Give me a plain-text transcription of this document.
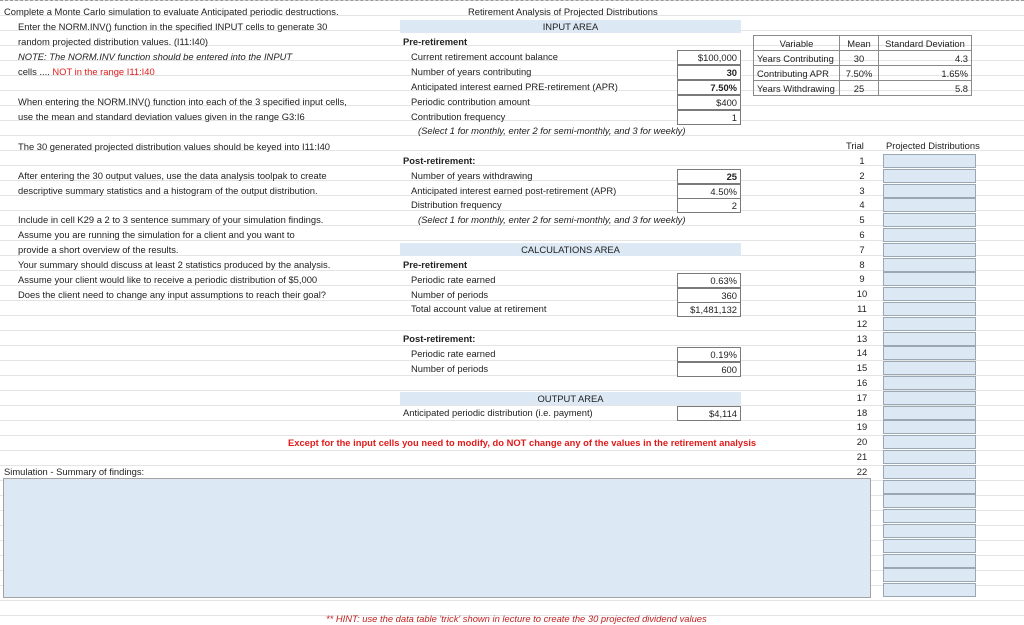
Complete a Monte Carlo simulation to evaluate Anticipated periodic destructions.
Enter the NORM.INV() function in the specified INPUT cells to generate 30
random projected distribution values. (I11:I40)
NOTE: The NORM.INV function should be entered into the INPUT
cells .... NOT in the range I11:I40
When entering the NORM.INV() function into each of the 3 specified input cells,
use the mean and standard deviation values given in the range G3:I6
The 30 generated projected distribution values should be keyed into I11:I40
After entering the 30 output values, use the data analysis toolpak to create
descriptive summary statistics and a histogram of the output distribution.
Include in cell K29 a 2 to 3 sentence summary of your simulation findings.
Assume you are running the simulation for a client and you want to
provide a short overview of the results.
Your summary should discuss at least 2 statistics produced by the analysis.
Assume your client would like to receive a periodic distribution of $5,000
Does the client need to change any input assumptions to reach their goal?
Retirement Analysis of Projected Distributions
INPUT AREA
Pre-retirement
Current retirement account balance	$100,000
Number of years contributing	30
Anticipated interest earned PRE-retirement (APR)	7.50%
Periodic contribution amount	$400
Contribution frequency	1
(Select 1 for monthly, enter 2 for semi-monthly, and 3 for weekly)
Post-retirement:
Number of years withdrawing	25
Anticipated interest earned post-retirement (APR)	4.50%
Distribution frequency	2
(Select 1 for monthly, enter 2 for semi-monthly, and 3 for weekly)
CALCULATIONS AREA
Pre-retirement
Periodic rate earned	0.63%
Number of periods	360
Total account value at retirement	$1,481,132
Post-retirement:
Periodic rate earned	0.19%
Number of periods	600
OUTPUT AREA
Anticipated periodic distribution (i.e. payment)	$4,114
Except for the input cells you need to modify, do NOT change any of the values in the retirement analysis
Variable	Mean	Standard Deviation
Years Contributing	30	4.3
Contributing APR	7.50%	1.65%
Years Withdrawing	25	5.8
Trial Projected Distributions
1
2
3
4
5
6
7
8
9
10
11
12
13
14
15
16
17
18
19
20
21
22
Simulation - Summary of findings:
** HINT: use the data table 'trick' shown in lecture to create the 30 projected dividend values
